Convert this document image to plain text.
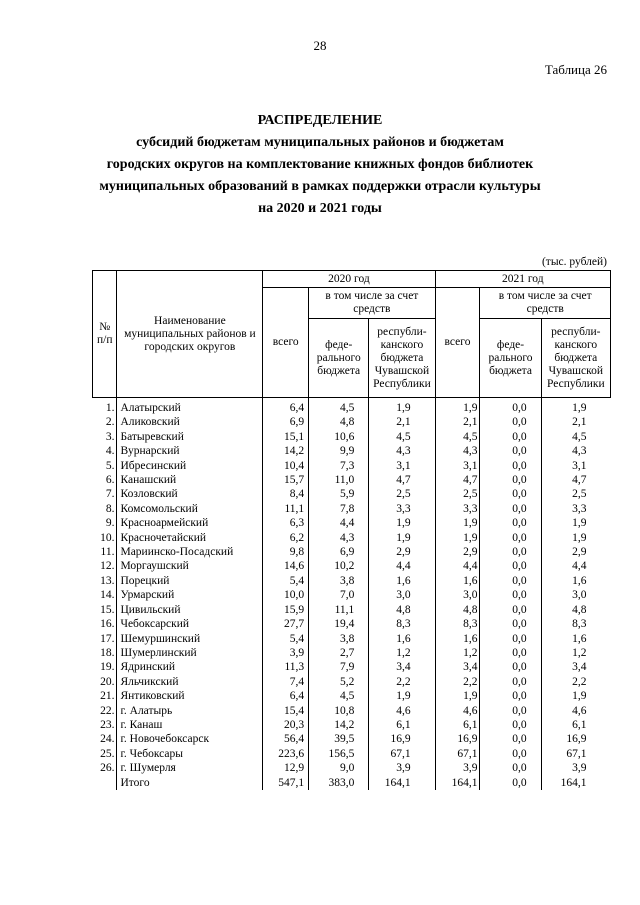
28
Таблица 26
РАСПРЕДЕЛЕНИЕ
субсидий бюджетам муниципальных районов и бюджетам
городских округов на комплектование книжных фондов библиотек
муниципальных образований в рамках поддержки отрасли культуры
на 2020 и 2021 годы
(тыс. рублей)
№ п/п	Наименование муниципальных районов и городских округов	2020 год			2021 год		
		всего	в том числе за счет средств		всего	в том числе за счет средств	
			феде-рального бюджета	республи-канского бюджета Чувашской Республики		феде-рального бюджета	республи-канского бюджета Чувашской Республики
1.	Алатырский	6,4	4,5	1,9	1,9	0,0	1,9
2.	Аликовский	6,9	4,8	2,1	2,1	0,0	2,1
3.	Батыревский	15,1	10,6	4,5	4,5	0,0	4,5
4.	Вурнарский	14,2	9,9	4,3	4,3	0,0	4,3
5.	Ибресинский	10,4	7,3	3,1	3,1	0,0	3,1
6.	Канашский	15,7	11,0	4,7	4,7	0,0	4,7
7.	Козловский	8,4	5,9	2,5	2,5	0,0	2,5
8.	Комсомольский	11,1	7,8	3,3	3,3	0,0	3,3
9.	Красноармейский	6,3	4,4	1,9	1,9	0,0	1,9
10.	Красночетайский	6,2	4,3	1,9	1,9	0,0	1,9
11.	Мариинско-Посадский	9,8	6,9	2,9	2,9	0,0	2,9
12.	Моргаушский	14,6	10,2	4,4	4,4	0,0	4,4
13.	Порецкий	5,4	3,8	1,6	1,6	0,0	1,6
14.	Урмарский	10,0	7,0	3,0	3,0	0,0	3,0
15.	Цивильский	15,9	11,1	4,8	4,8	0,0	4,8
16.	Чебоксарский	27,7	19,4	8,3	8,3	0,0	8,3
17.	Шемуршинский	5,4	3,8	1,6	1,6	0,0	1,6
18.	Шумерлинский	3,9	2,7	1,2	1,2	0,0	1,2
19.	Ядринский	11,3	7,9	3,4	3,4	0,0	3,4
20.	Яльчикский	7,4	5,2	2,2	2,2	0,0	2,2
21.	Янтиковский	6,4	4,5	1,9	1,9	0,0	1,9
22.	г. Алатырь	15,4	10,8	4,6	4,6	0,0	4,6
23.	г. Канаш	20,3	14,2	6,1	6,1	0,0	6,1
24.	г. Новочебоксарск	56,4	39,5	16,9	16,9	0,0	16,9
25.	г. Чебоксары	223,6	156,5	67,1	67,1	0,0	67,1
26.	г. Шумерля	12,9	9,0	3,9	3,9	0,0	3,9
	Итого	547,1	383,0	164,1	164,1	0,0	164,1
